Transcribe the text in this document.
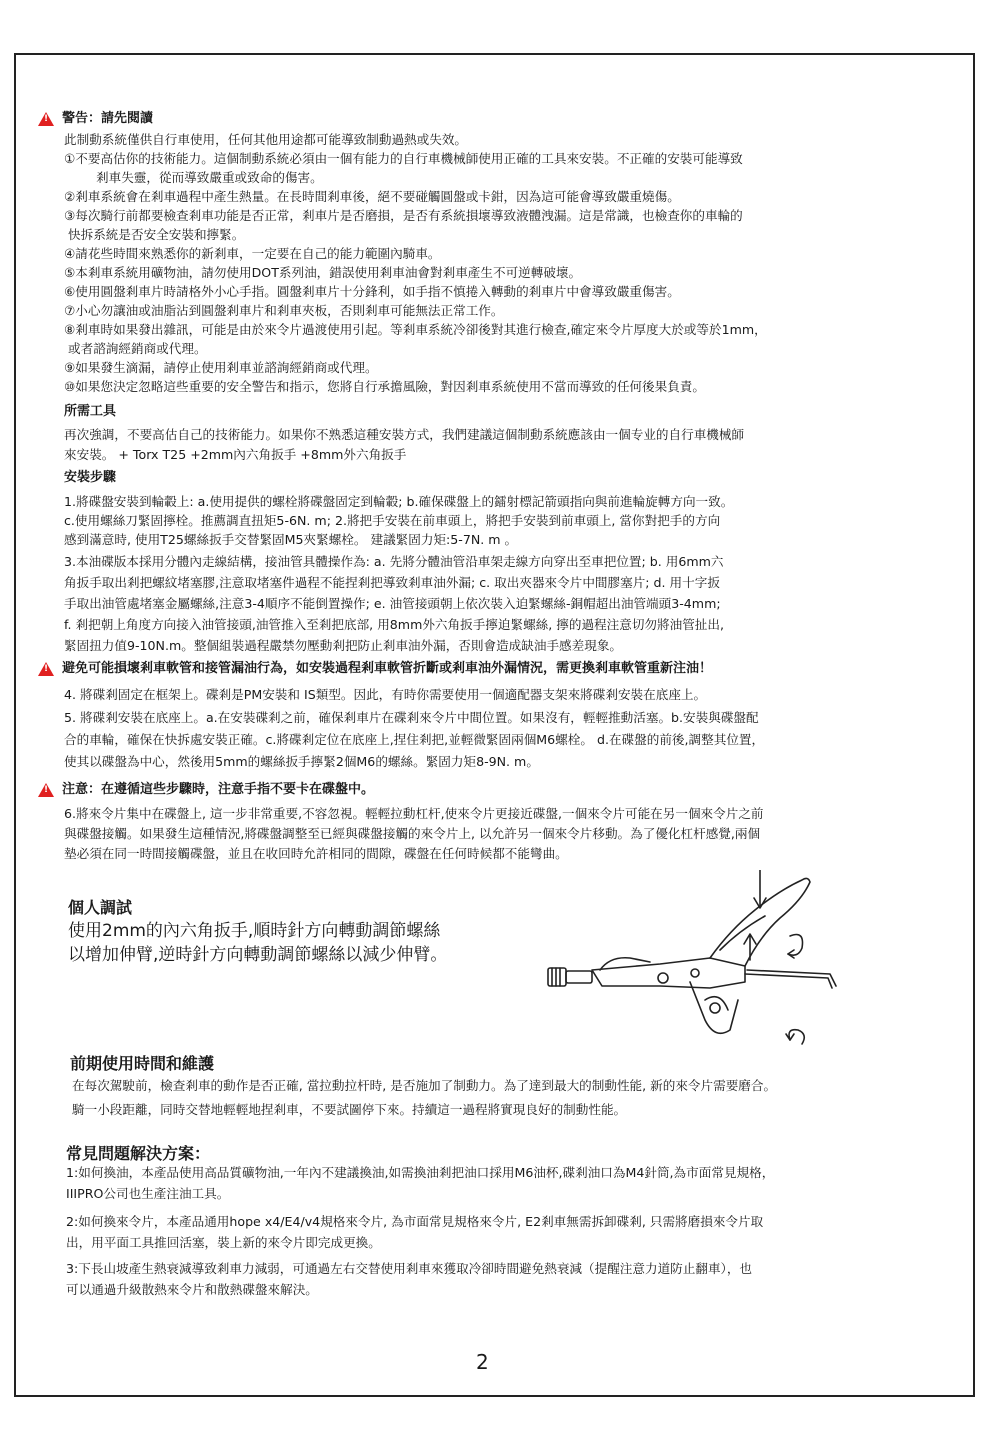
!

警告：請先閱讀

此制動系統僅供自行車使用，任何其他用途都可能導致制動過熱或失效。

①不要高估你的技術能力。這個制動系統必須由一個有能力的自行車機械師使用正確的工具來安裝。不正確的安裝可能導致

剎車失靈，從而導致嚴重或致命的傷害。

②剎車系統會在剎車過程中產生熱量。在長時間剎車後，絕不要碰觸圓盤或卡鉗，因為這可能會導致嚴重燒傷。

③每次騎行前都要檢查剎車功能是否正常，剎車片是否磨損，是否有系統損壞導致液體洩漏。這是常識，也檢查你的車輪的

快拆系統是否安全安裝和擰緊。

④請花些時間來熟悉你的新剎車，一定要在自己的能力範圍內騎車。

⑤本剎車系統用礦物油，請勿使用DOT系列油，錯誤使用剎車油會對剎車產生不可逆轉破壞。

⑥使用圓盤剎車片時請格外小心手指。圓盤剎車片十分鋒利，如手指不慎捲入轉動的剎車片中會導致嚴重傷害。

⑦小心勿讓油或油脂沾到圓盤剎車片和剎車夾板，否則剎車可能無法正常工作。

⑧剎車時如果發出雜訊，可能是由於來令片過渡使用引起。等剎車系統冷卻後對其進行檢查,確定來令片厚度大於或等於1mm，

或者諮詢經銷商或代理。

⑨如果發生滴漏，請停止使用剎車並諮詢經銷商或代理。

⑩如果您決定忽略這些重要的安全警告和指示，您將自行承擔風險，對因剎車系統使用不當而導致的任何後果負責。

所需工具

再次強調，不要高估自己的技術能力。如果你不熟悉這種安裝方式，我們建議這個制動系統應該由一個专业的自行車機械師

來安裝。 + Torx T25 +2mm內六角扳手 +8mm外六角扳手

安裝步驟

1.將碟盤安裝到輪轂上: a.使用提供的螺栓將碟盤固定到輪轂; b.確保碟盤上的鐳射標記箭頭指向與前進輪旋轉方向一致。

c.使用螺絲刀緊固擰栓。推薦調直扭矩5-6N. m; 2.將把手安裝在前車頭上，將把手安裝到前車頭上, 當你對把手的方向

感到滿意時, 使用T25螺絲扳手交替緊固M5夾緊螺栓。 建議緊固力矩:5-7N. m 。

3.本油碟版本採用分體內走線結構，接油管具體操作為: a. 先將分體油管沿車架走線方向穿出至車把位置; b. 用6mm六

角扳手取出剎把螺紋堵塞膠,注意取堵塞件過程不能捏剎把導致剎車油外漏; c. 取出夾器來令片中間膠塞片; d. 用十字扳

手取出油管處堵塞金屬螺絲,注意3-4順序不能倒置操作; e. 油管接頭朝上依次裝入迫緊螺絲-銅帽超出油管端頭3-4mm;

f. 剎把朝上角度方向接入油管接頭,油管推入至剎把底部, 用8mm外六角扳手擰迫緊螺絲, 擰的過程注意切勿將油管扯出,

緊固扭力值9-10N.m。整個組裝過程嚴禁勿壓動剎把防止剎車油外漏，否則會造成缺油手感差現象。

!

避免可能損壞剎車軟管和接管漏油行為，如安裝過程剎車軟管折斷或剎車油外漏情況，需更換剎車軟管重新注油！

4. 將碟剎固定在框架上。碟剎是PM安裝和 IS類型。因此，有時你需要使用一個適配器支架來將碟剎安裝在底座上。

5. 將碟剎安裝在底座上。a.在安裝碟剎之前，確保剎車片在碟剎來令片中間位置。如果沒有，輕輕推動活塞。b.安裝與碟盤配

合的車輪，確保在快拆處安裝正確。c.將碟剎定位在底座上,捏住剎把,並輕微緊固兩個M6螺栓。 d.在碟盤的前後,調整其位置，

使其以碟盤為中心，然後用5mm的螺絲扳手擰緊2個M6的螺絲。緊固力矩8-9N. m。

!

注意：在遵循這些步驟時，注意手指不要卡在碟盤中。

6.將來令片集中在碟盤上, 這一步非常重要,不容忽視。輕輕拉動杠杆,使來令片更接近碟盤,一個來令片可能在另一個來令片之前

與碟盤接觸。如果發生這種情況,將碟盤調整至已經與碟盤接觸的來令片上, 以允許另一個來令片移動。為了優化杠杆感覺,兩個

墊必須在同一時間接觸碟盤，並且在收回時允許相同的間隙，碟盤在任何時候都不能彎曲。

個人調試
使用2mm的內六角扳手,順時針方向轉動調節螺絲
以增加伸臂,逆時針方向轉動調節螺絲以減少伸臂。
前期使用時間和維護

在每次駕駛前，檢查剎車的動作是否正確, 當拉動拉杆時, 是否施加了制動力。為了達到最大的制動性能, 新的來令片需要磨合。

騎一小段距離，同時交替地輕輕地捏剎車，不要試圖停下來。持續這一過程將實現良好的制動性能。

常見問題解決方案：

1:如何換油，本產品使用高品質礦物油,一年內不建議換油,如需換油剎把油口採用M6油杯,碟剎油口為M4針筒,為市面常見規格，

IIIPRO公司也生產注油工具。

2:如何換來令片，本產品通用hope x4/E4/v4規格來令片, 為市面常見規格來令片, E2剎車無需拆卸碟剎, 只需將磨損來令片取

出，用平面工具推回活塞，裝上新的來令片即完成更換。

3:下長山坡產生熱衰減導致剎車力減弱，可通過左右交替使用剎車來獲取冷卻時間避免熱衰減（提醒注意力道防止翻車），也

可以通過升級散熱來令片和散熱碟盤來解決。

2
